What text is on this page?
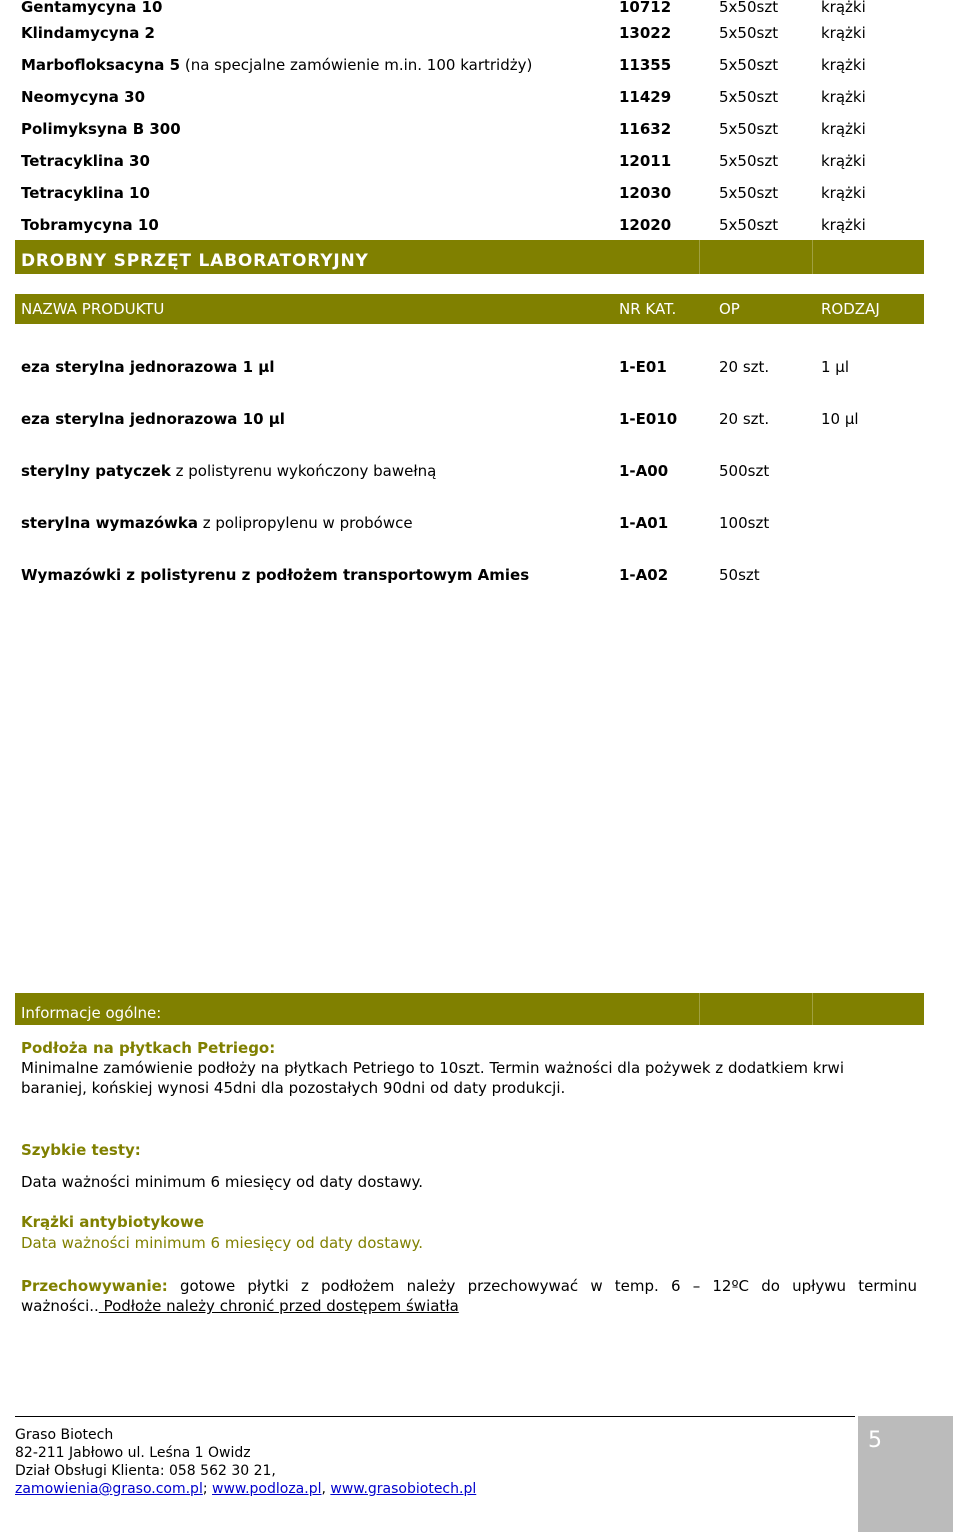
Gentamycyna 10	10712	5x50szt	krążki
Klindamycyna 2	13022	5x50szt	krążki
Marbofloksacyna 5 (na specjalne zamówienie m.in. 100 kartridży)	11355	5x50szt	krążki
Neomycyna 30	11429	5x50szt	krążki
Polimyksyna B 300	11632	5x50szt	krążki
Tetracyklina 30	12011	5x50szt	krążki
Tetracyklina 10	12030	5x50szt	krążki
Tobramycyna 10	12020	5x50szt	krążki
DROBNY SPRZĘT LABORATORYJNY
NAZWA PRODUKTU	NR KAT.	OP	RODZAJ
eza sterylna jednorazowa 1 µl	1-E01	20 szt.	1 µl
eza sterylna jednorazowa 10 µl	1-E010	20 szt.	10 µl
sterylny patyczek z polistyrenu wykończony bawełną	1-A00	500szt
sterylna wymazówka z polipropylenu w probówce	1-A01	100szt
Wymazówki z polistyrenu z podłożem transportowym Amies	1-A02	50szt
Informacje ogólne:
Podłoża na płytkach Petriego:
Minimalne zamówienie podłoży na płytkach Petriego to 10szt. Termin ważności dla pożywek z dodatkiem krwi
baraniej, końskiej wynosi 45dni dla pozostałych 90dni od daty produkcji.
Szybkie testy:
Data ważności minimum 6 miesięcy od daty dostawy.
Krążki antybiotykowe
Data ważności minimum 6 miesięcy od daty dostawy.
Przechowywanie: gotowe płytki z podłożem należy przechowywać w temp. 6 – 12ºC do upływu terminu
ważności.. Podłoże należy chronić przed dostępem światła
Graso Biotech
82-211 Jabłowo ul. Leśna 1 Owidz
Dział Obsługi Klienta: 058 562 30 21,
zamowienia@graso.com.pl; www.podloza.pl, www.grasobiotech.pl
5
